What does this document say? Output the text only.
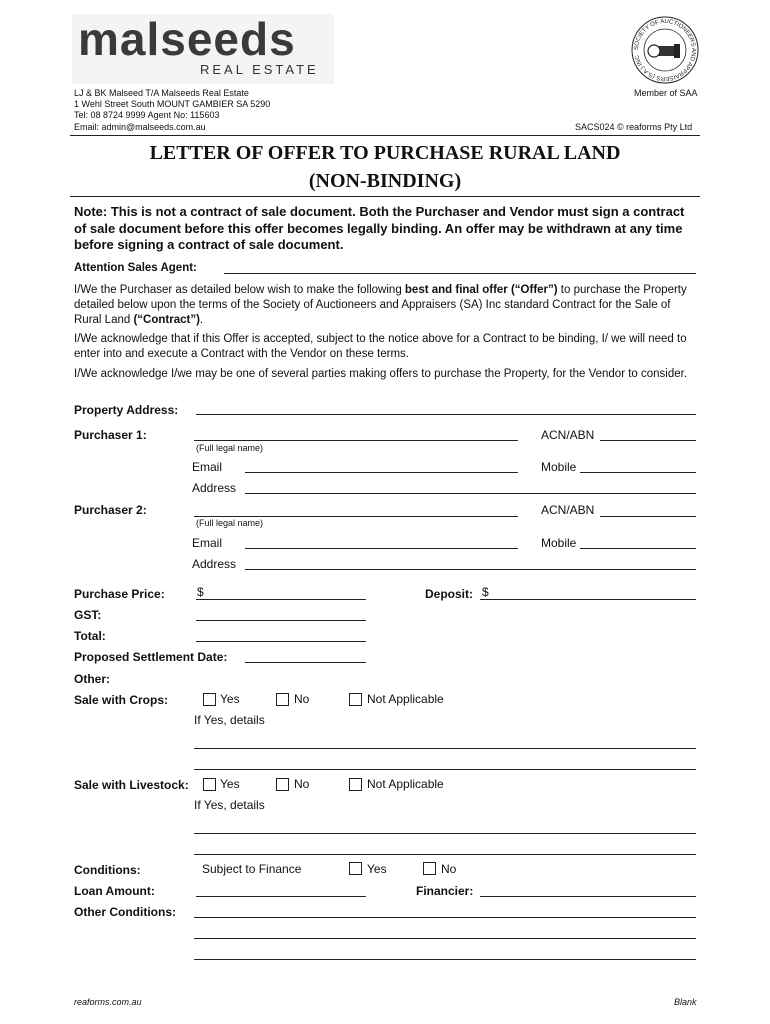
malseeds
REAL ESTATE
LJ & BK Malseed T/A Malseeds Real Estate
1 Wehl Street South MOUNT GAMBIER SA 5290
Tel: 08 8724 9999 Agent No: 115603
Email: admin@malseeds.com.au
SOCIETY OF AUCTIONEERS AND APPRAISERS (S.A.) INC
Member of SAA
SACS024 © reaforms Pty Ltd
LETTER OF OFFER TO PURCHASE RURAL LAND
(NON-BINDING)
Note: This is not a contract of sale document. Both the Purchaser and Vendor must sign a contract of sale document before this offer becomes legally binding. An offer may be withdrawn at any time before signing a contract of sale document.
Attention Sales Agent:
I/We the Purchaser as detailed below wish to make the following best and final offer (“Offer”) to purchase the Property detailed below upon the terms of the Society of Auctioneers and Appraisers (SA) Inc standard Contract for the Sale of Rural Land (“Contract”).
I/We acknowledge that if this Offer is accepted, subject to the notice above for a Contract to be binding, I/ we will need to enter into and execute a Contract with the Vendor on these terms.
I/We acknowledge I/we may be one of several parties making offers to purchase the Property, for the Vendor to consider.
Property Address:
Purchaser 1:
(Full legal name)
ACN/ABN
Email	Mobile
Address
Purchaser 2:
(Full legal name)
ACN/ABN
Email	Mobile
Address
Purchase Price:	$	Deposit: $
GST:
Total:
Proposed Settlement Date:
Other:
Sale with Crops:	Yes	No	Not Applicable
If Yes, details
Sale with Livestock:	Yes	No	Not Applicable
If Yes, details
Conditions:	Subject to Finance	Yes	No
Loan Amount:	Financier:
Other Conditions:
reaforms.com.au	Blank
